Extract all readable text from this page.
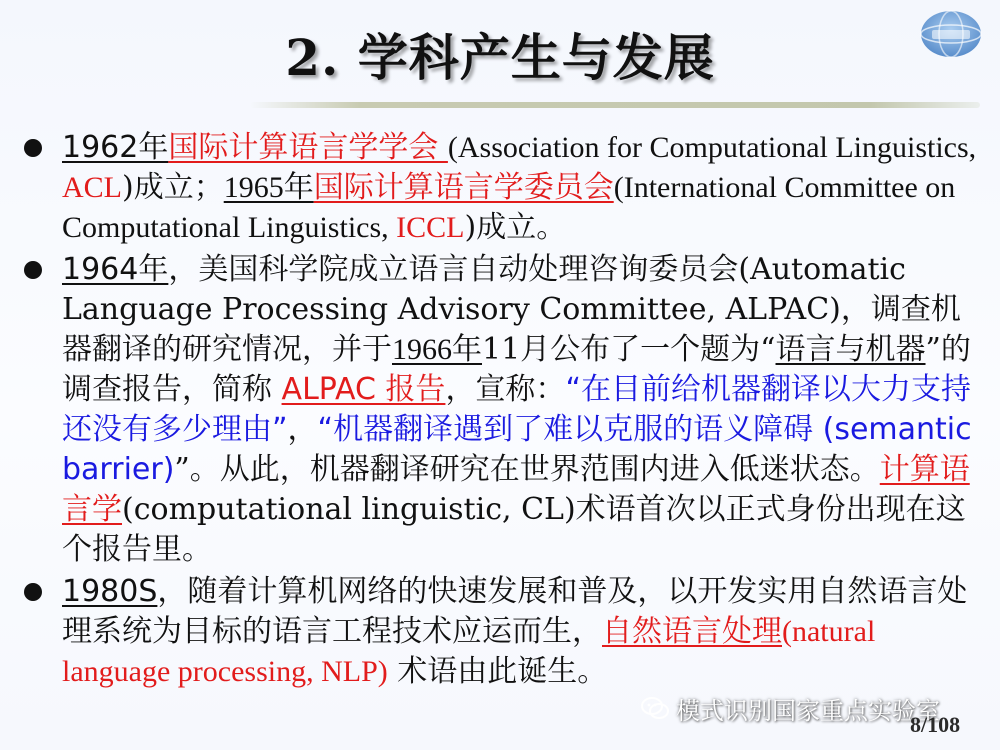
2. 学科产生与发展
1962年国际计算语言学学会 (Association for Computational Linguistics, ACL)成立；1965年国际计算语言学委员会(International Committee on Computational Linguistics, ICCL)成立。
1964年，美国科学院成立语言自动处理咨询委员会(Automatic Language Processing Advisory Committee, ALPAC)，调查机器翻译的研究情况，并于1966年11月公布了一个题为“语言与机器”的调查报告，简称 ALPAC 报告，宣称：“在目前给机器翻译以大力支持还没有多少理由”，“机器翻译遇到了难以克服的语义障碍 (semantic barrier)”。从此，机器翻译研究在世界范围内进入低迷状态。计算语言学(computational linguistic, CL)术语首次以正式身份出现在这个报告里。
1980S，随着计算机网络的快速发展和普及，以开发实用自然语言处理系统为目标的语言工程技术应运而生，自然语言处理(natural language processing, NLP) 术语由此诞生。
模式识别国家重点实验室
8/108
